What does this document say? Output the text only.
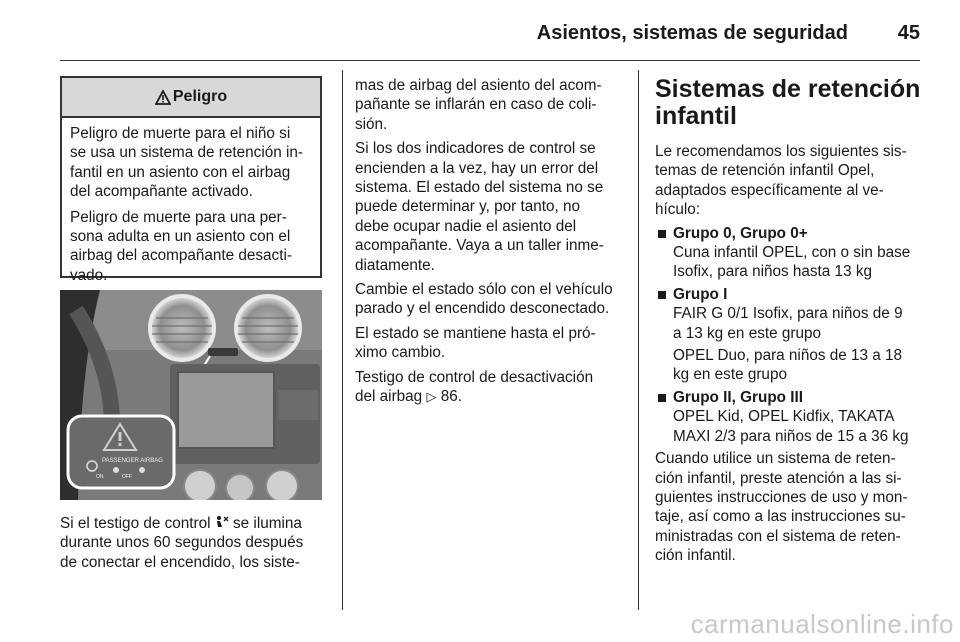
Asientos, sistemas de seguridad 45
Peligro
Peligro de muerte para el niño si
se usa un sistema de retención in-
fantil en un asiento con el airbag
del acompañante activado.
Peligro de muerte para una per-
sona adulta en un asiento con el
airbag del acompañante desacti-
vado.
PASSENGER AIRBAG
ON	OFF
Si el testigo de control se ilumina
durante unos 60 segundos después
de conectar el encendido, los siste-
mas de airbag del asiento del acom-
pañante se inflarán en caso de coli-
sión.
Si los dos indicadores de control se
encienden a la vez, hay un error del
sistema. El estado del sistema no se
puede determinar y, por tanto, no
debe ocupar nadie el asiento del
acompañante. Vaya a un taller inme-
diatamente.
Cambie el estado sólo con el vehículo
parado y el encendido desconectado.
El estado se mantiene hasta el pró-
ximo cambio.
Testigo de control de desactivación
del airbag ▷ 86.
Sistemas de retención
infantil
Le recomendamos los siguientes sis-
temas de retención infantil Opel,
adaptados específicamente al ve-
hículo:
Grupo 0, Grupo 0+
Cuna infantil OPEL, con o sin base
Isofix, para niños hasta 13 kg
Grupo I
FAIR G 0/1 Isofix, para niños de 9
a 13 kg en este grupo
OPEL Duo, para niños de 13 a 18
kg en este grupo
Grupo II, Grupo III
OPEL Kid, OPEL Kidfix, TAKATA
MAXI 2/3 para niños de 15 a 36 kg
Cuando utilice un sistema de reten-
ción infantil, preste atención a las si-
guientes instrucciones de uso y mon-
taje, así como a las instrucciones su-
ministradas con el sistema de reten-
ción infantil.
carmanualsonline.info
